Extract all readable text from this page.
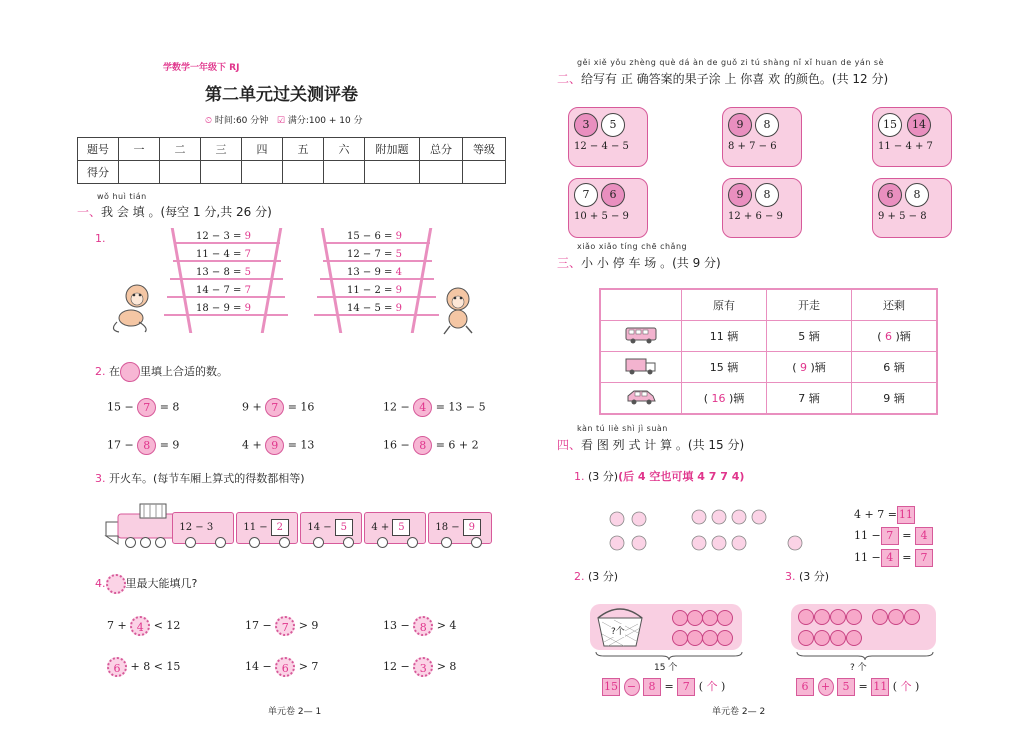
学数学一年级下 RJ
第二单元过关测评卷
⏲ 时间:60 分钟 ☑ 满分:100 + 10 分
题号	一	二	三	四	五	六	附加题	总分	等级
得分									
wǒ huì tián
一、我 会 填 。(每空 1 分,共 26 分)
1.	12 − 3 = 9
11 − 4 = 7
13 − 8 = 5
14 − 7 = 7
18 − 9 = 9
15 − 6 = 9
12 − 7 = 5
13 − 9 = 4
11 − 2 = 9
14 − 5 = 9
2. 在 里填上合适的数。
15 − 7 = 8	9 + 7 = 16	12 − 4 = 13 − 5
17 − 8 = 9	4 + 9 = 13	16 − 8 = 6 + 2
3. 开火车。(每节车厢上算式的得数都相等)
12 − 3	11 − 2	14 − 5	4 + 5	18 − 9
4. 里最大能填几?
7 + 4 < 12	17 − 7 > 9	13 − 8 > 4
6 + 8 < 15	14 − 6 > 7	12 − 3 > 8
单元卷 2— 1
gěi xiě yǒu zhèng què dá àn de guǒ zi tú shàng nǐ xǐ huan de yán sè
二、给写有 正 确答案的果子涂 上 你喜 欢 的颜色。(共 12 分)
3	5
12 − 4 − 5
9	8
8 + 7 − 6
15	14
11 − 4 + 7
7	6
10 + 5 − 9
9	8
12 + 6 − 9
6	8
9 + 5 − 8
xiǎo xiǎo tíng chē chǎng
三、小 小 停 车 场 。(共 9 分)
	原有	开走	还剩
	11 辆	5 辆	( 6 )辆
	15 辆	( 9 )辆	6 辆
	( 16 )辆	7 辆	9 辆
kàn tú liè shì jì suàn
四、看 图 列 式 计 算 。(共 15 分)
1. (3 分)(后 4 空也可填 4 7 7 4)
4 + 7 = 11
11 − 7 = 4
11 − 4 = 7
2. (3 分)	3. (3 分)
?个
15 个
15 − 8 = 7 ( 个 )
? 个
6 + 5 = 11 ( 个 )
单元卷 2— 2
